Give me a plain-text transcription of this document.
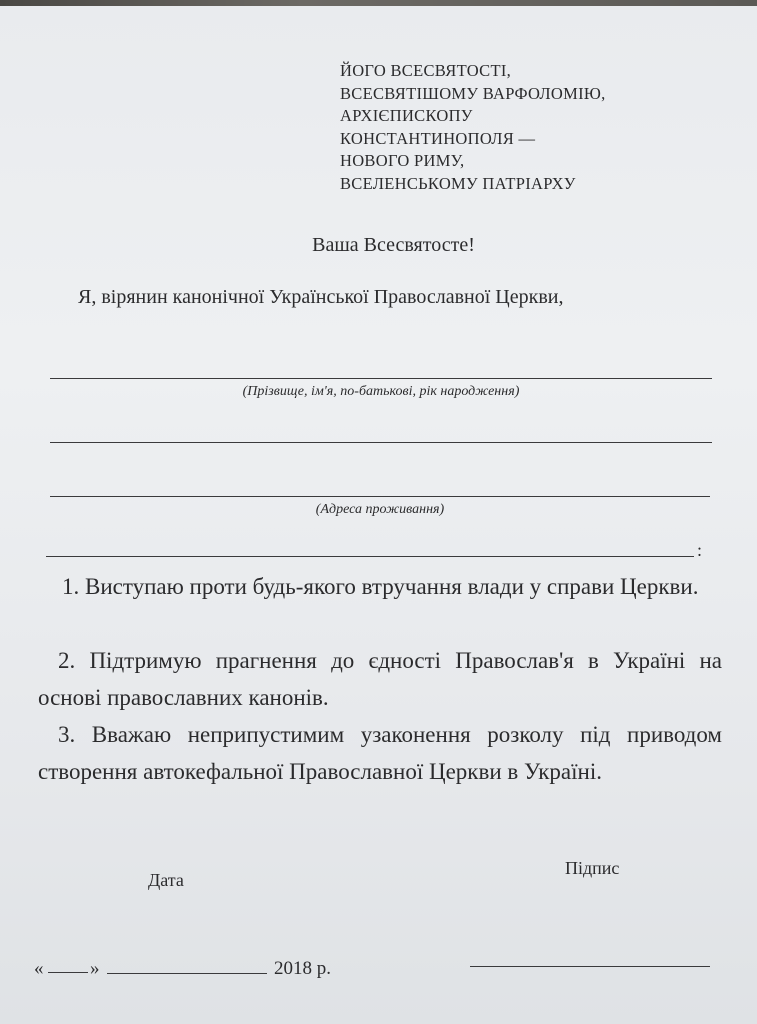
ЙОГО ВСЕСВЯТОСТІ,
ВСЕСВЯТІШОМУ ВАРФОЛОМІЮ,
АРХІЄПИСКОПУ
КОНСТАНТИНОПОЛЯ —
НОВОГО РИМУ,
ВСЕЛЕНСЬКОМУ ПАТРІАРХУ
Ваша Всесвятосте!
Я, вірянин канонічної Української Православної Церкви,
(Прізвище, ім'я, по-батькові, рік народження)
(Адреса проживання)
:
1. Виступаю проти будь-якого втручання влади у справи Церкви.
2. Підтримую прагнення до єдності Православ'я в Україні на основі православних канонів.
3. Вважаю неприпустимим узаконення розколу під приводом створення автокефальної Православної Церкви в Україні.
Дата
Підпис
« »	2018 р.
